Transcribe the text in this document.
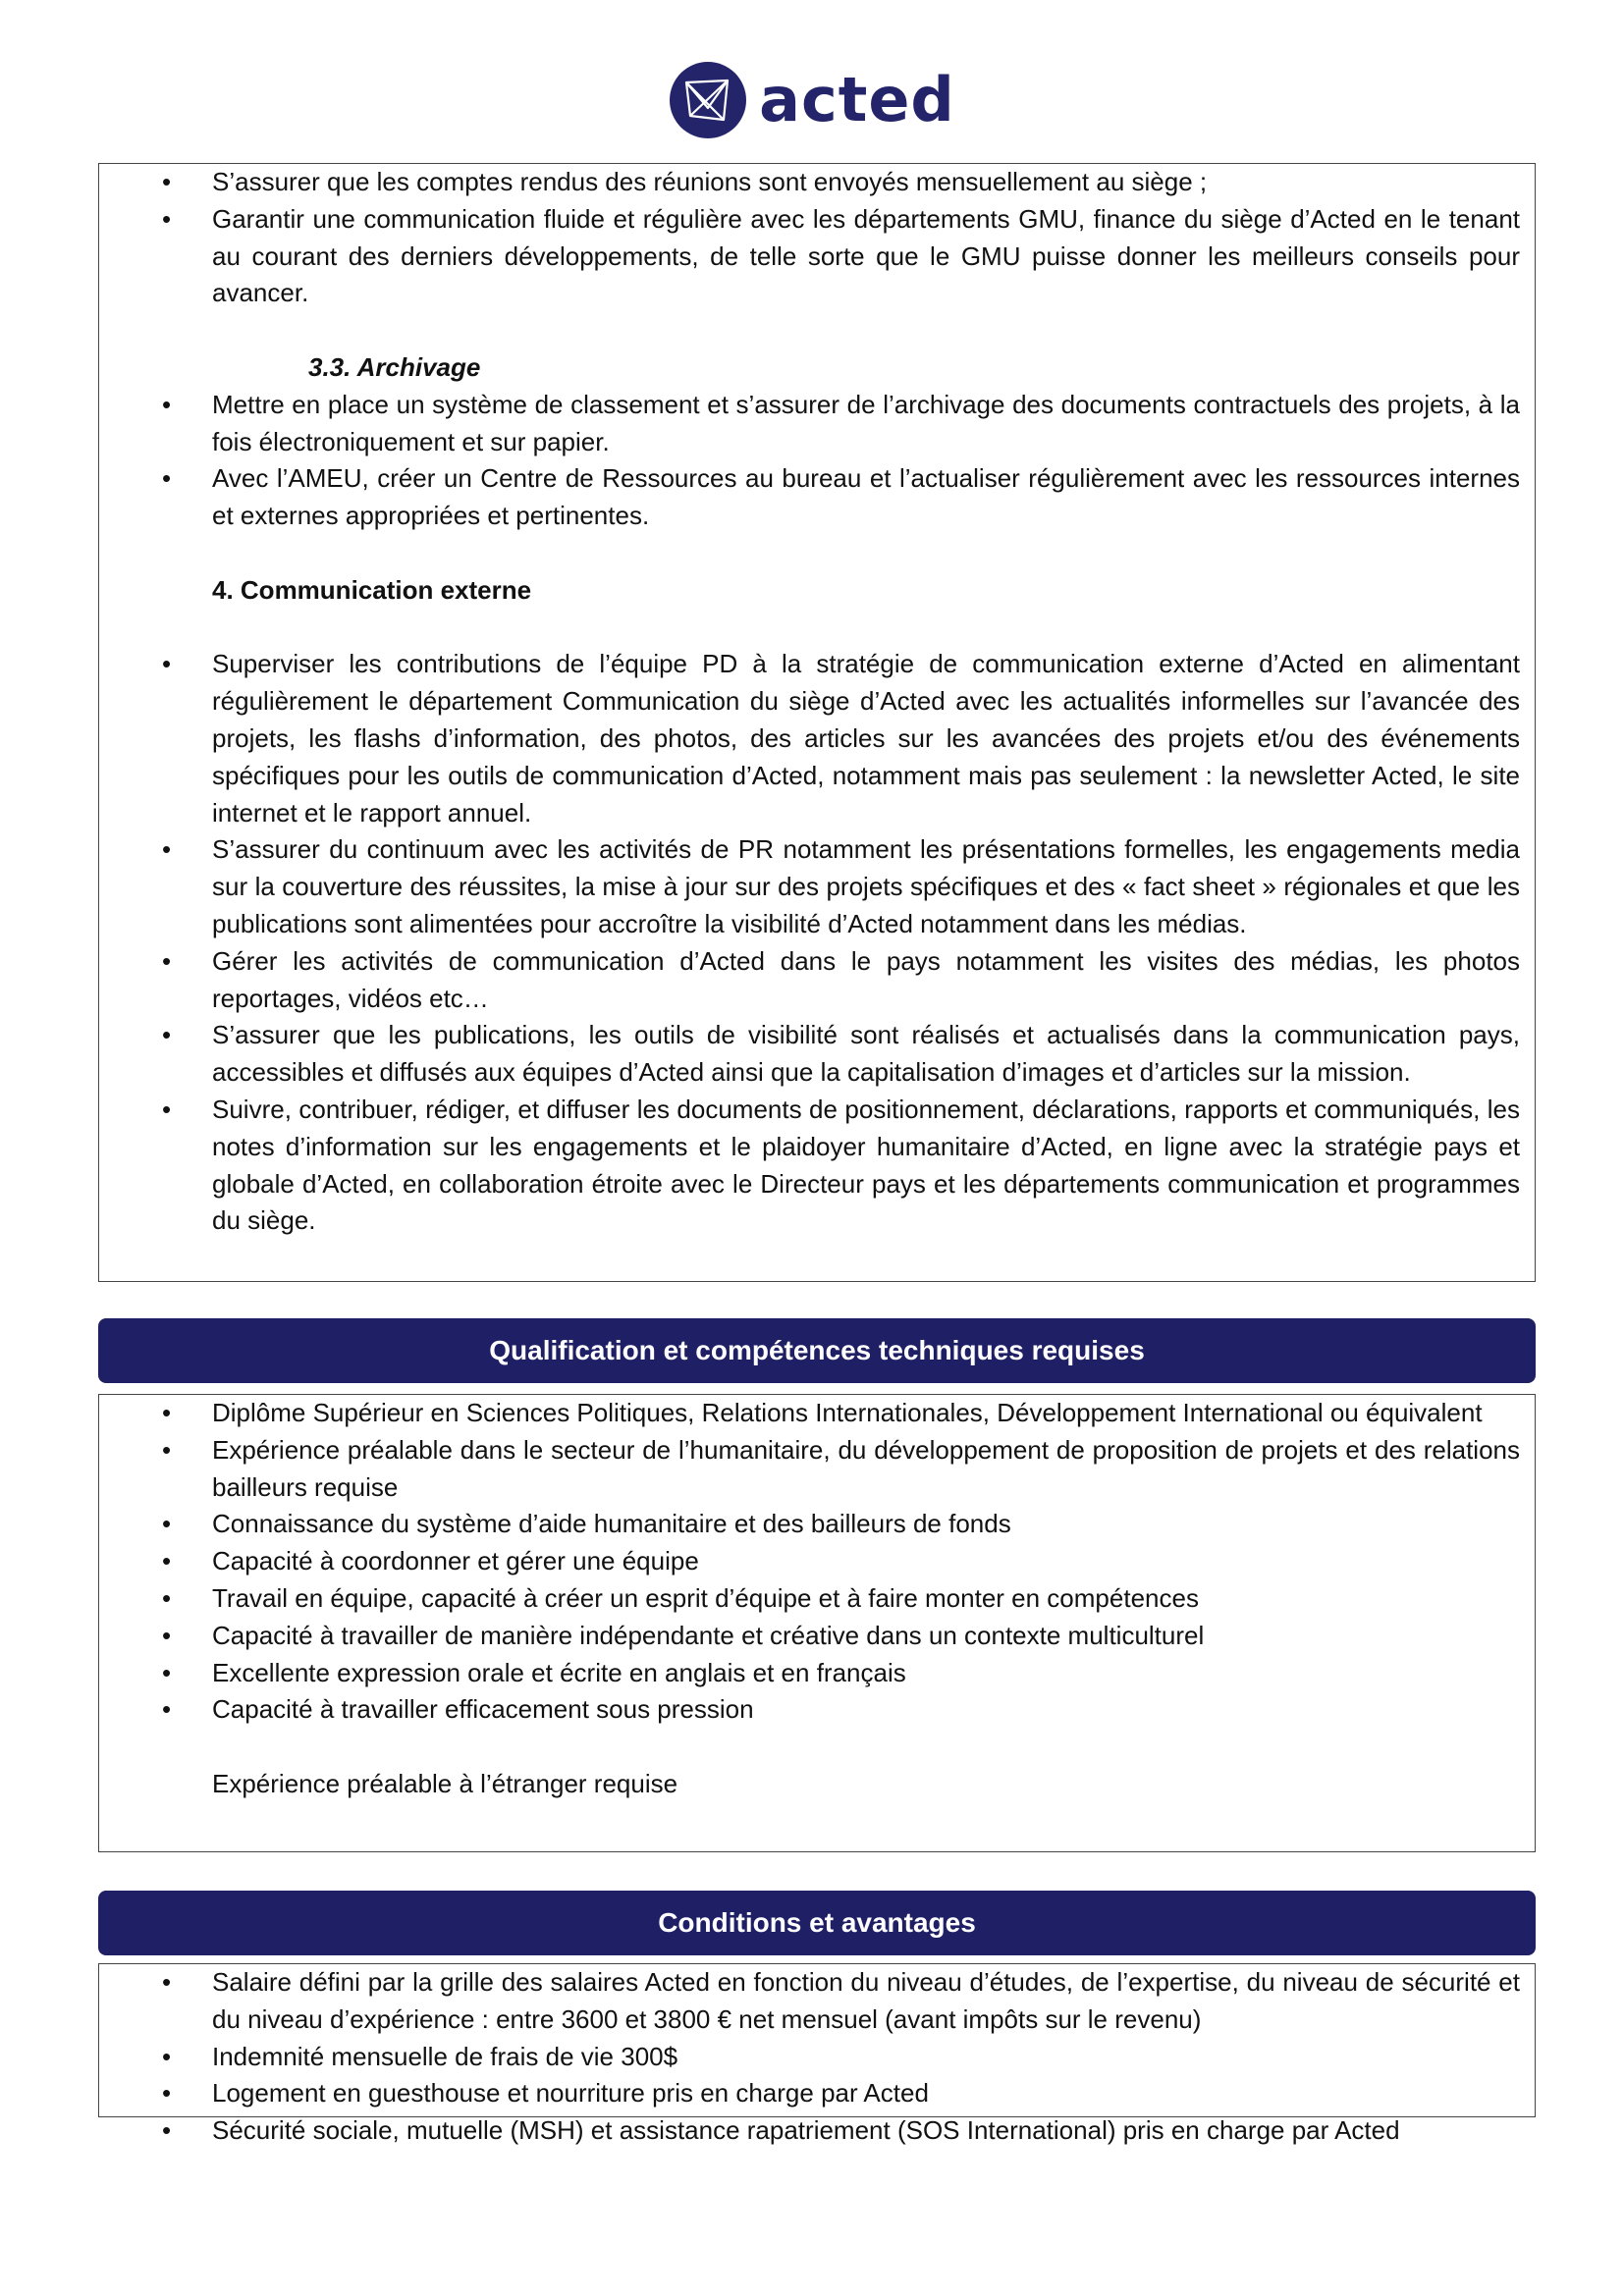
acted
• S’assurer que les comptes rendus des réunions sont envoyés mensuellement au siège ;
• Garantir une communication fluide et régulière avec les départements GMU, finance du siège d’Acted en le tenant au courant des derniers développements, de telle sorte que le GMU puisse donner les meilleurs conseils pour avancer.
3.3. Archivage
• Mettre en place un système de classement et s’assurer de l’archivage des documents contractuels des projets, à la fois électroniquement et sur papier.
• Avec l’AMEU, créer un Centre de Ressources au bureau et l’actualiser régulièrement avec les ressources internes et externes appropriées et pertinentes.
4. Communication externe
• Superviser les contributions de l’équipe PD à la stratégie de communication externe d’Acted en alimentant régulièrement le département Communication du siège d’Acted avec les actualités informelles sur l’avancée des projets, les flashs d’information, des photos, des articles sur les avancées des projets et/ou des événements spécifiques pour les outils de communication d’Acted, notamment mais pas seulement : la newsletter Acted, le site internet et le rapport annuel.
• S’assurer du continuum avec les activités de PR notamment les présentations formelles, les engagements media sur la couverture des réussites, la mise à jour sur des projets spécifiques et des « fact sheet » régionales et que les publications sont alimentées pour accroître la visibilité d’Acted notamment dans les médias.
• Gérer les activités de communication d’Acted dans le pays notamment les visites des médias, les photos reportages, vidéos etc…
• S’assurer que les publications, les outils de visibilité sont réalisés et actualisés dans la communication pays, accessibles et diffusés aux équipes d’Acted ainsi que la capitalisation d’images et d’articles sur la mission.
• Suivre, contribuer, rédiger, et diffuser les documents de positionnement, déclarations, rapports et communiqués, les notes d’information sur les engagements et le plaidoyer humanitaire d’Acted, en ligne avec la stratégie pays et globale d’Acted, en collaboration étroite avec le Directeur pays et les départements communication et programmes du siège.
Qualification et compétences techniques requises
• Diplôme Supérieur en Sciences Politiques, Relations Internationales, Développement International ou équivalent
• Expérience préalable dans le secteur de l’humanitaire, du développement de proposition de projets et des relations bailleurs requise
• Connaissance du système d’aide humanitaire et des bailleurs de fonds
• Capacité à coordonner et gérer une équipe
• Travail en équipe, capacité à créer un esprit d’équipe et à faire monter en compétences
• Capacité à travailler de manière indépendante et créative dans un contexte multiculturel
• Excellente expression orale et écrite en anglais et en français
• Capacité à travailler efficacement sous pression
Expérience préalable à l’étranger requise
Conditions et avantages
• Salaire défini par la grille des salaires Acted en fonction du niveau d’études, de l’expertise, du niveau de sécurité et du niveau d’expérience : entre 3600 et 3800 € net mensuel (avant impôts sur le revenu)
• Indemnité mensuelle de frais de vie 300$
• Logement en guesthouse et nourriture pris en charge par Acted
• Sécurité sociale, mutuelle (MSH) et assistance rapatriement (SOS International) pris en charge par Acted
